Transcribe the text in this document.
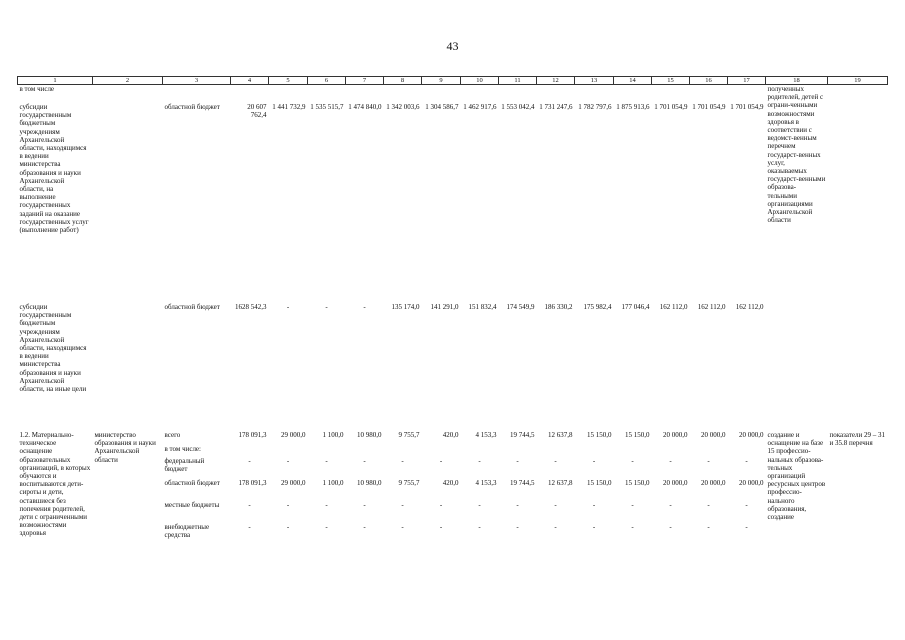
43
1	2	3	4	5	6	7	8	9	10	11	12	13	14	15	16	17	18	19
в том числе																	полученных родителей, детей с ограни-ченными возможностями здоровья в соответствии с ведомст-венным перечнем государст-венных услуг, оказываемых государст-венными образова-тельными организациями Архангельской области	
субсидии государственным бюджетным учреждениям Архангельской области, находящимся в ведении министерства образования и науки Архангельской области, на выполнение государственных заданий на оказание государственных услуг (выполнение работ)		областной бюджет	20 607 762,4	1 441 732,9	1 535 515,7	1 474 840,0	1 342 003,6	1 304 586,7	1 462 917,6	1 553 042,4	1 731 247,6	1 782 797,6	1 875 913,6	1 701 054,9	1 701 054,9	1 701 054,9		
субсидии государственным бюджетным учреждениям Архангельской области, находящимся в ведении министерства образования и науки Архангельской области, на иные цели		областной бюджет	1628 542,3	-	-	-	135 174,0	141 291,0	151 832,4	174 549,9	186 330,2	175 982,4	177 046,4	162 112,0	162 112,0	162 112,0		
1.2. Материально-техническое оснащение образовательных организаций, в которых обучаются и воспитываются дети-сироты и дети, оставшиеся без попечения родителей, дети с ограниченными возможностями здоровья	министерство образования и науки Архангельской области	всего	178 091,3	29 000,0	1 100,0	10 980,0	9 755,7	420,0	4 153,3	19 744,5	12 637,8	15 150,0	15 150,0	20 000,0	20 000,0	20 000,0	создание и оснащение на базе 15 профессио-нальных образова-тельных организаций ресурсных центров профессио-нального образования, создание	показатели 29 – 31 и 35.8 перечня
		в том числе:																
		федеральный бюджет	-	-	-	-	-	-	-	-	-	-	-	-	-	-		
		областной бюджет	178 091,3	29 000,0	1 100,0	10 980,0	9 755,7	420,0	4 153,3	19 744,5	12 637,8	15 150,0	15 150,0	20 000,0	20 000,0	20 000,0		
		местные бюджеты	-	-	-	-	-	-	-	-	-	-	-	-	-	-		
		внебюджетные средства	-	-	-	-	-	-	-	-	-	-	-	-	-	-		
